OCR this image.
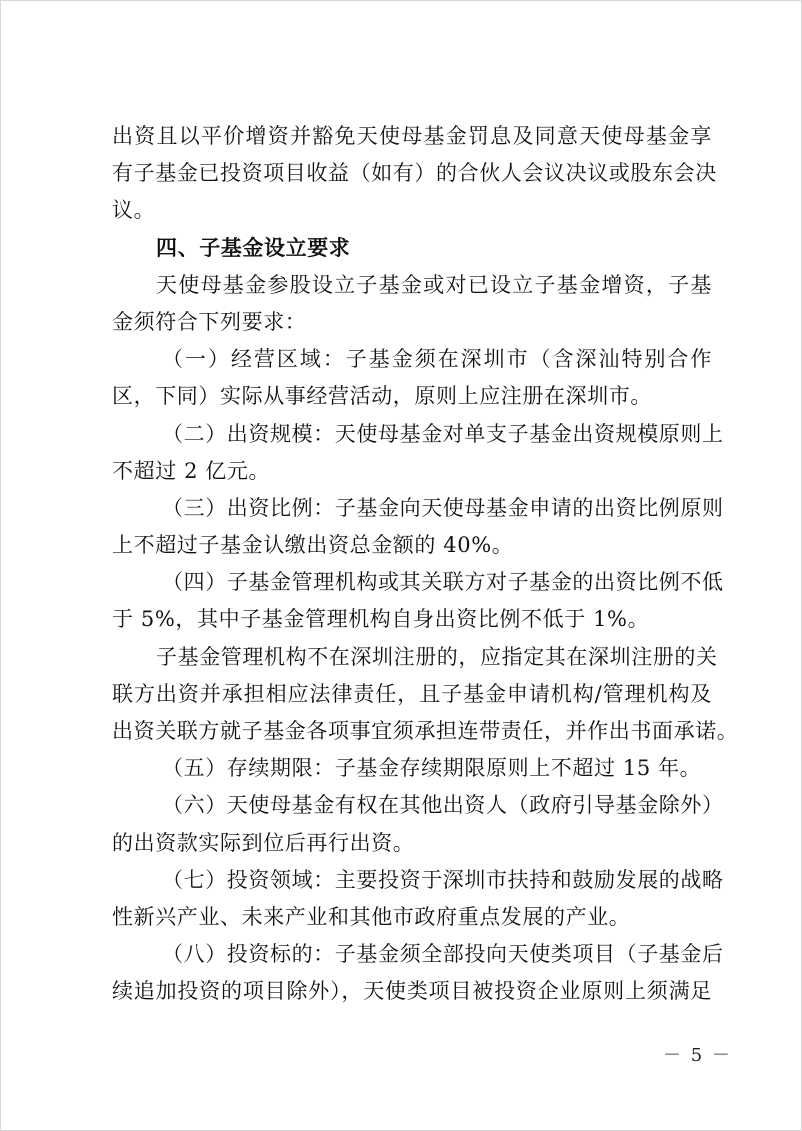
出资且以平价增资并豁免天使母基金罚息及同意天使母基金享
有子基金已投资项目收益（如有）的合伙人会议决议或股东会决
议。
四、子基金设立要求
天使母基金参股设立子基金或对已设立子基金增资，子基
金须符合下列要求：
（一）经营区域：子基金须在深圳市（含深汕特别合作
区，下同）实际从事经营活动，原则上应注册在深圳市。
（二）出资规模：天使母基金对单支子基金出资规模原则上
不超过 2 亿元。
（三）出资比例：子基金向天使母基金申请的出资比例原则
上不超过子基金认缴出资总金额的 40%。
（四）子基金管理机构或其关联方对子基金的出资比例不低
于 5%，其中子基金管理机构自身出资比例不低于 1%。
子基金管理机构不在深圳注册的，应指定其在深圳注册的关
联方出资并承担相应法律责任，且子基金申请机构/管理机构及
出资关联方就子基金各项事宜须承担连带责任，并作出书面承诺。
（五）存续期限：子基金存续期限原则上不超过 15 年。
（六）天使母基金有权在其他出资人（政府引导基金除外）
的出资款实际到位后再行出资。
（七）投资领域：主要投资于深圳市扶持和鼓励发展的战略
性新兴产业、未来产业和其他市政府重点发展的产业。
（八）投资标的：子基金须全部投向天使类项目（子基金后
续追加投资的项目除外），天使类项目被投资企业原则上须满足
－ 5 －
